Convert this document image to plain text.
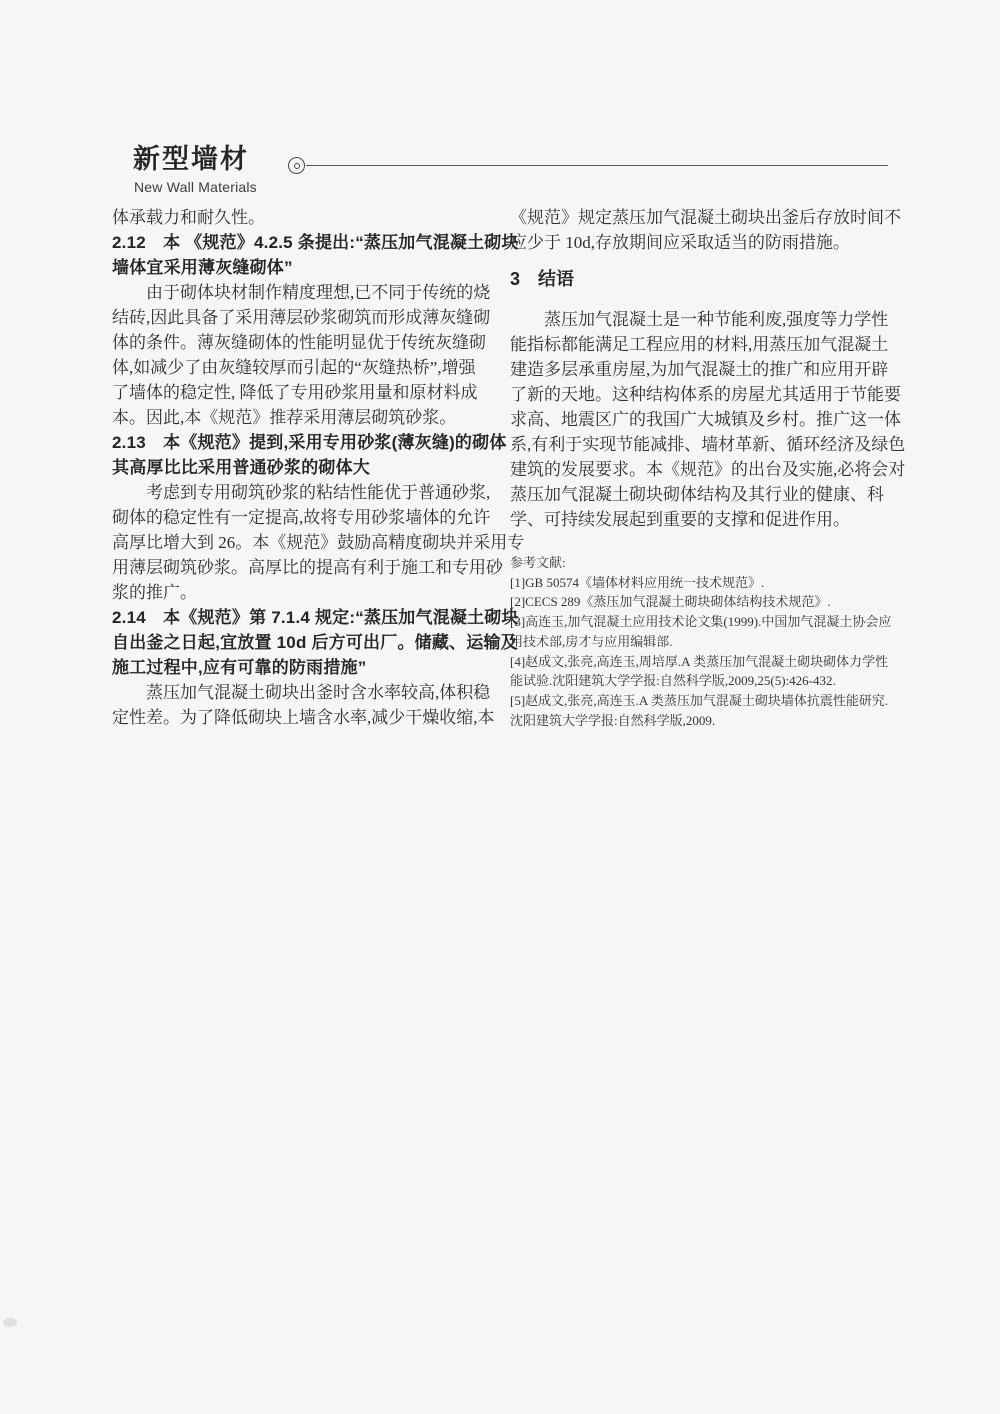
新型墙材
New Wall Materials
体承载力和耐久性。
2.12　本 《规范》4.2.5 条提出:“蒸压加气混凝土砌块
墙体宜采用薄灰缝砌体”
由于砌体块材制作精度理想,已不同于传统的烧
结砖,因此具备了采用薄层砂浆砌筑而形成薄灰缝砌
体的条件。薄灰缝砌体的性能明显优于传统灰缝砌
体,如减少了由灰缝较厚而引起的“灰缝热桥”,增强
了墙体的稳定性, 降低了专用砂浆用量和原材料成
本。因此,本《规范》推荐采用薄层砌筑砂浆。
2.13　本《规范》提到,采用专用砂浆(薄灰缝)的砌体
其高厚比比采用普通砂浆的砌体大
考虑到专用砌筑砂浆的粘结性能优于普通砂浆,
砌体的稳定性有一定提高,故将专用砂浆墙体的允许
高厚比增大到 26。本《规范》鼓励高精度砌块并采用专
用薄层砌筑砂浆。高厚比的提高有利于施工和专用砂
浆的推广。
2.14　本《规范》第 7.1.4 规定:“蒸压加气混凝土砌块
自出釜之日起,宜放置 10d 后方可出厂。储藏、运输及
施工过程中,应有可靠的防雨措施”
蒸压加气混凝土砌块出釜时含水率较高,体积稳
定性差。为了降低砌块上墙含水率,减少干燥收缩,本
《规范》规定蒸压加气混凝土砌块出釜后存放时间不
应少于 10d,存放期间应采取适当的防雨措施。
3　结语
蒸压加气混凝土是一种节能利废,强度等力学性
能指标都能满足工程应用的材料,用蒸压加气混凝土
建造多层承重房屋,为加气混凝土的推广和应用开辟
了新的天地。这种结构体系的房屋尤其适用于节能要
求高、地震区广的我国广大城镇及乡村。推广这一体
系,有利于实现节能减排、墙材革新、循环经济及绿色
建筑的发展要求。本《规范》的出台及实施,必将会对
蒸压加气混凝土砌块砌体结构及其行业的健康、科
学、可持续发展起到重要的支撑和促进作用。
参考文献:
[1]GB 50574《墙体材料应用统一技术规范》.
[2]CECS 289《蒸压加气混凝土砌块砌体结构技术规范》.
[3]高连玉,加气混凝土应用技术论文集(1999).中国加气混凝土协会应
用技术部,房才与应用编辑部.
[4]赵成文,张亮,高连玉,周培厚.A 类蒸压加气混凝土砌块砌体力学性
能试验.沈阳建筑大学学报:自然科学版,2009,25(5):426-432.
[5]赵成文,张亮,高连玉.A 类蒸压加气混凝土砌块墙体抗震性能研究.
沈阳建筑大学学报:自然科学版,2009.
